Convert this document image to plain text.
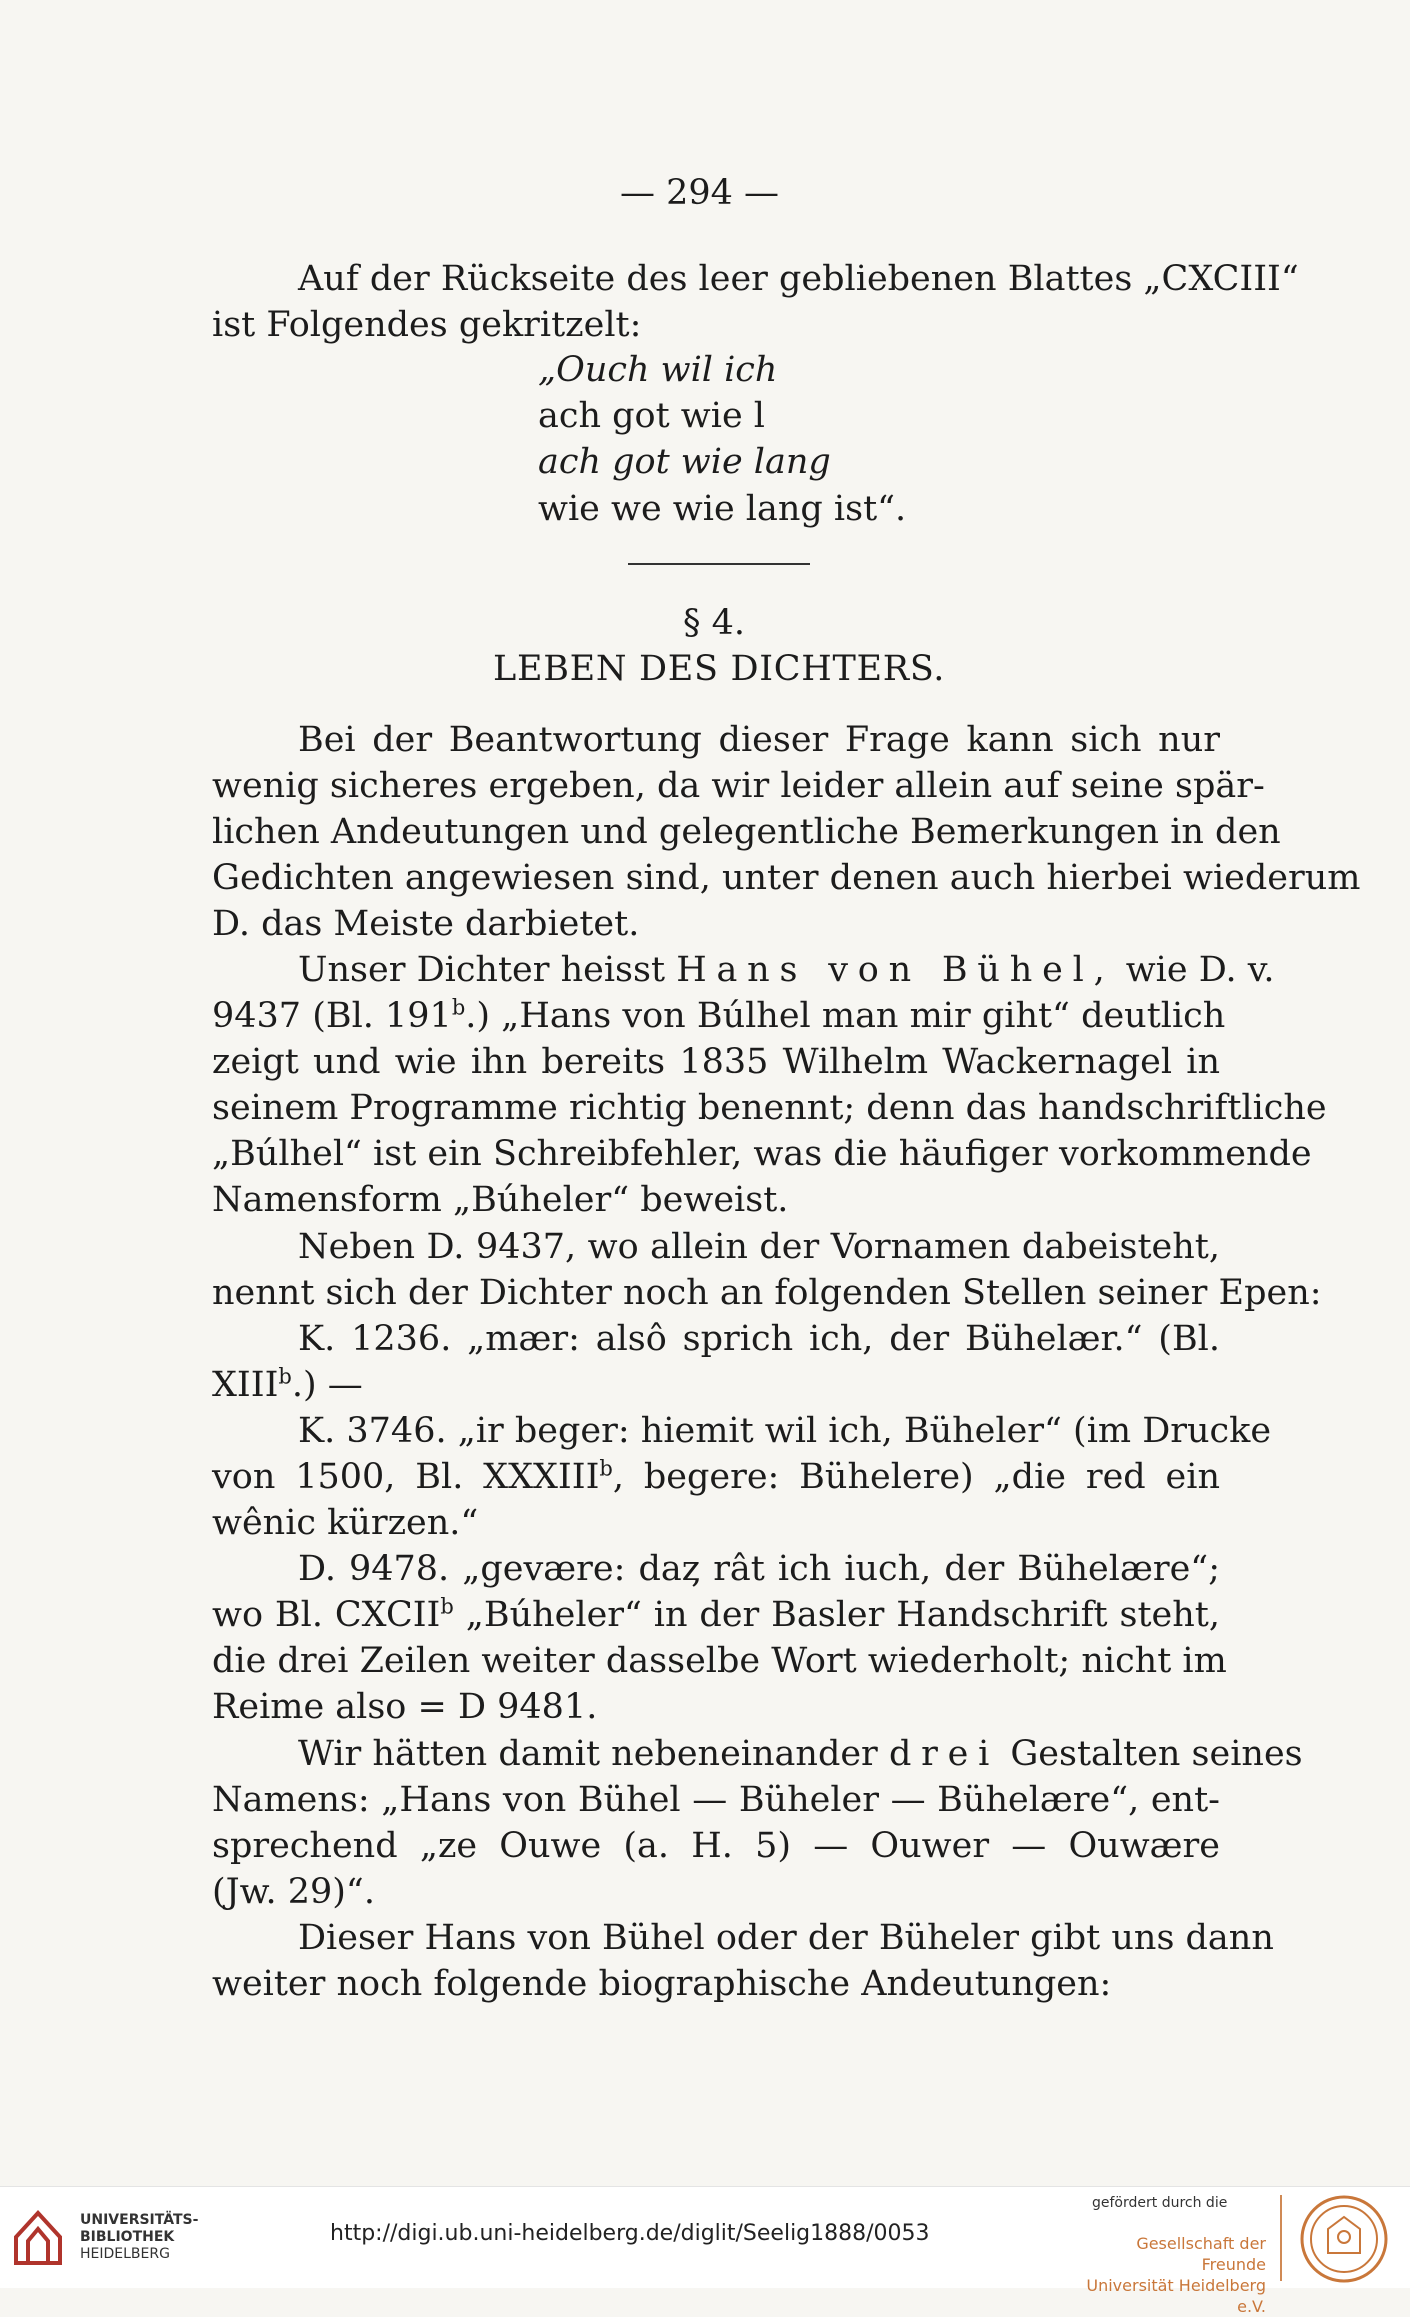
— 294 —
Auf der Rückseite des leer gebliebenen Blattes „CXCIII“
ist Folgendes gekritzelt:
„Ouch wil ich
ach got wie l
ach got wie lang
wie we wie lang ist“.
§ 4.
LEBEN DES DICHTERS.
Bei der Beantwortung dieser Frage kann sich nur
wenig sicheres ergeben, da wir leider allein auf seine spär-
lichen Andeutungen und gelegentliche Bemerkungen in den
Gedichten angewiesen sind, unter denen auch hierbei wiederum
D. das Meiste darbietet.
Unser Dichter heisst Hans von Bühel, wie D. v.
9437 (Bl. 191$^b$.) „Hans von Búlhel man mir giht“ deutlich
zeigt und wie ihn bereits 1835 Wilhelm Wackernagel in
seinem Programme richtig benennt; denn das handschriftliche
„Búlhel“ ist ein Schreibfehler, was die häufiger vorkommende
Namensform „Búheler“ beweist.
Neben D. 9437, wo allein der Vornamen dabeisteht,
nennt sich der Dichter noch an folgenden Stellen seiner Epen:
K. 1236. „mær: alsô sprich ich, der Bühelær.“ (Bl.
XIII$^b$.) —
K. 3746. „ir beger: hiemit wil ich, Büheler“ (im Drucke
von 1500, Bl. XXXIII$^b$, begere: Bühelere) „die red ein
wênic kürzen.“
D. 9478. „gevære: daȥ rât ich iuch, der Bühelære“;
wo Bl. CXCII$^b$ „Búheler“ in der Basler Handschrift steht,
die drei Zeilen weiter dasselbe Wort wiederholt; nicht im
Reime also = D 9481.
Wir hätten damit nebeneinander drei Gestalten seines
Namens: „Hans von Bühel — Büheler — Bühelære“, ent-
sprechend „ze Ouwe (a. H. 5) — Ouwer — Ouwære
(Jw. 29)“.
Dieser Hans von Bühel oder der Büheler gibt uns dann
weiter noch folgende biographische Andeutungen:
UNIVERSITÄTS-
BIBLIOTHEK
HEIDELBERG
http://digi.ub.uni-heidelberg.de/diglit/Seelig1888/0053
gefördert durch die
Gesellschaft der Freunde
Universität Heidelberg e.V.
